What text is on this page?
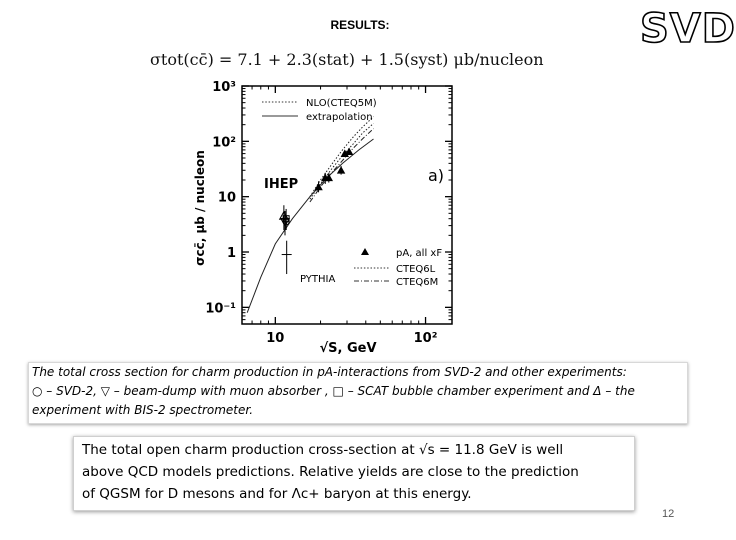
RESULTS:	SVD
σtot(cc̄) = 7.1 + 2.3(stat) + 1.5(syst) μb/nucleon
10⁻¹
1
10
10²
10³
10	10²
√S, GeV
σcc̄, μb / nucleon	a)
IHEP
PYTHIA
NLO(CTEQ5M)
extrapolation
pA, all xF
CTEQ6L
CTEQ6M
The total cross section for charm production in pA-interactions from SVD-2 and other experiments:
○ – SVD-2, ▽ – beam-dump with muon absorber , □ – SCAT bubble chamber experiment and Δ – the
experiment with BIS-2 spectrometer.
The total open charm production cross-section at √s = 11.8 GeV is well
above QCD models predictions. Relative yields are close to the prediction
of QGSM for D mesons and for Λc+ baryon at this energy.
12
